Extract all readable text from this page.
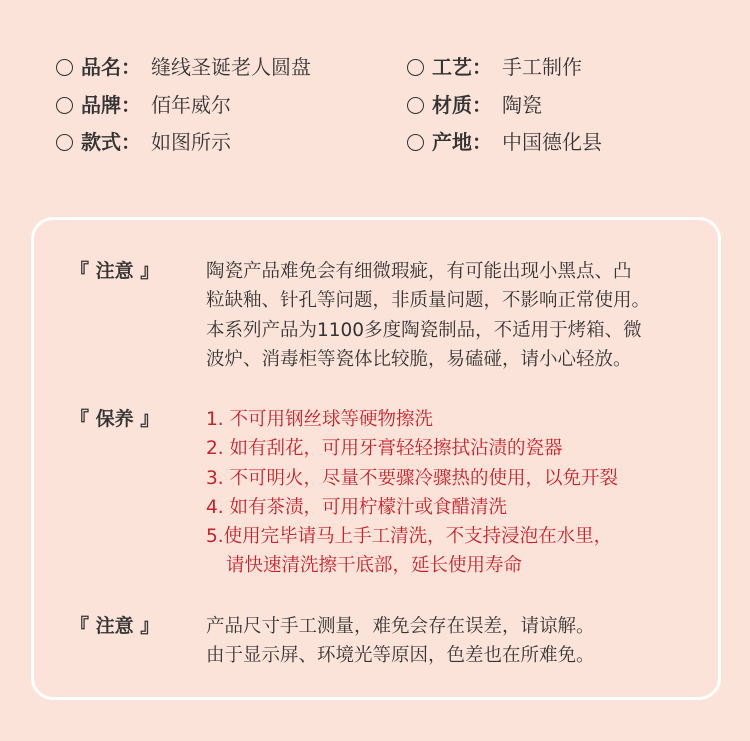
品名 ： 缝线圣诞老人圆盘	工艺 ： 手工制作
品牌 ： 佰年威尔	材质 ： 陶瓷
款式 ： 如图所示	产地 ： 中国德化县
『 注意 』	陶瓷产品难免会有细微瑕疵，有可能出现小黑点、凸
粒缺釉、针孔等问题，非质量问题，不影响正常使用。
本系列产品为1100多度陶瓷制品，不适用于烤箱、微
波炉、消毒柜等瓷体比较脆，易磕碰，请小心轻放。
『 保养 』	1. 不可用钢丝球等硬物擦洗
2. 如有刮花，可用牙膏轻轻擦拭沾渍的瓷器
3. 不可明火，尽量不要骤冷骤热的使用，以免开裂
4. 如有茶渍，可用柠檬汁或食醋清洗
5.使用完毕请马上手工清洗，不支持浸泡在水里，
请快速清洗擦干底部，延长使用寿命
『 注意 』	产品尺寸手工测量，难免会存在误差，请谅解。
由于显示屏、环境光等原因，色差也在所难免。
